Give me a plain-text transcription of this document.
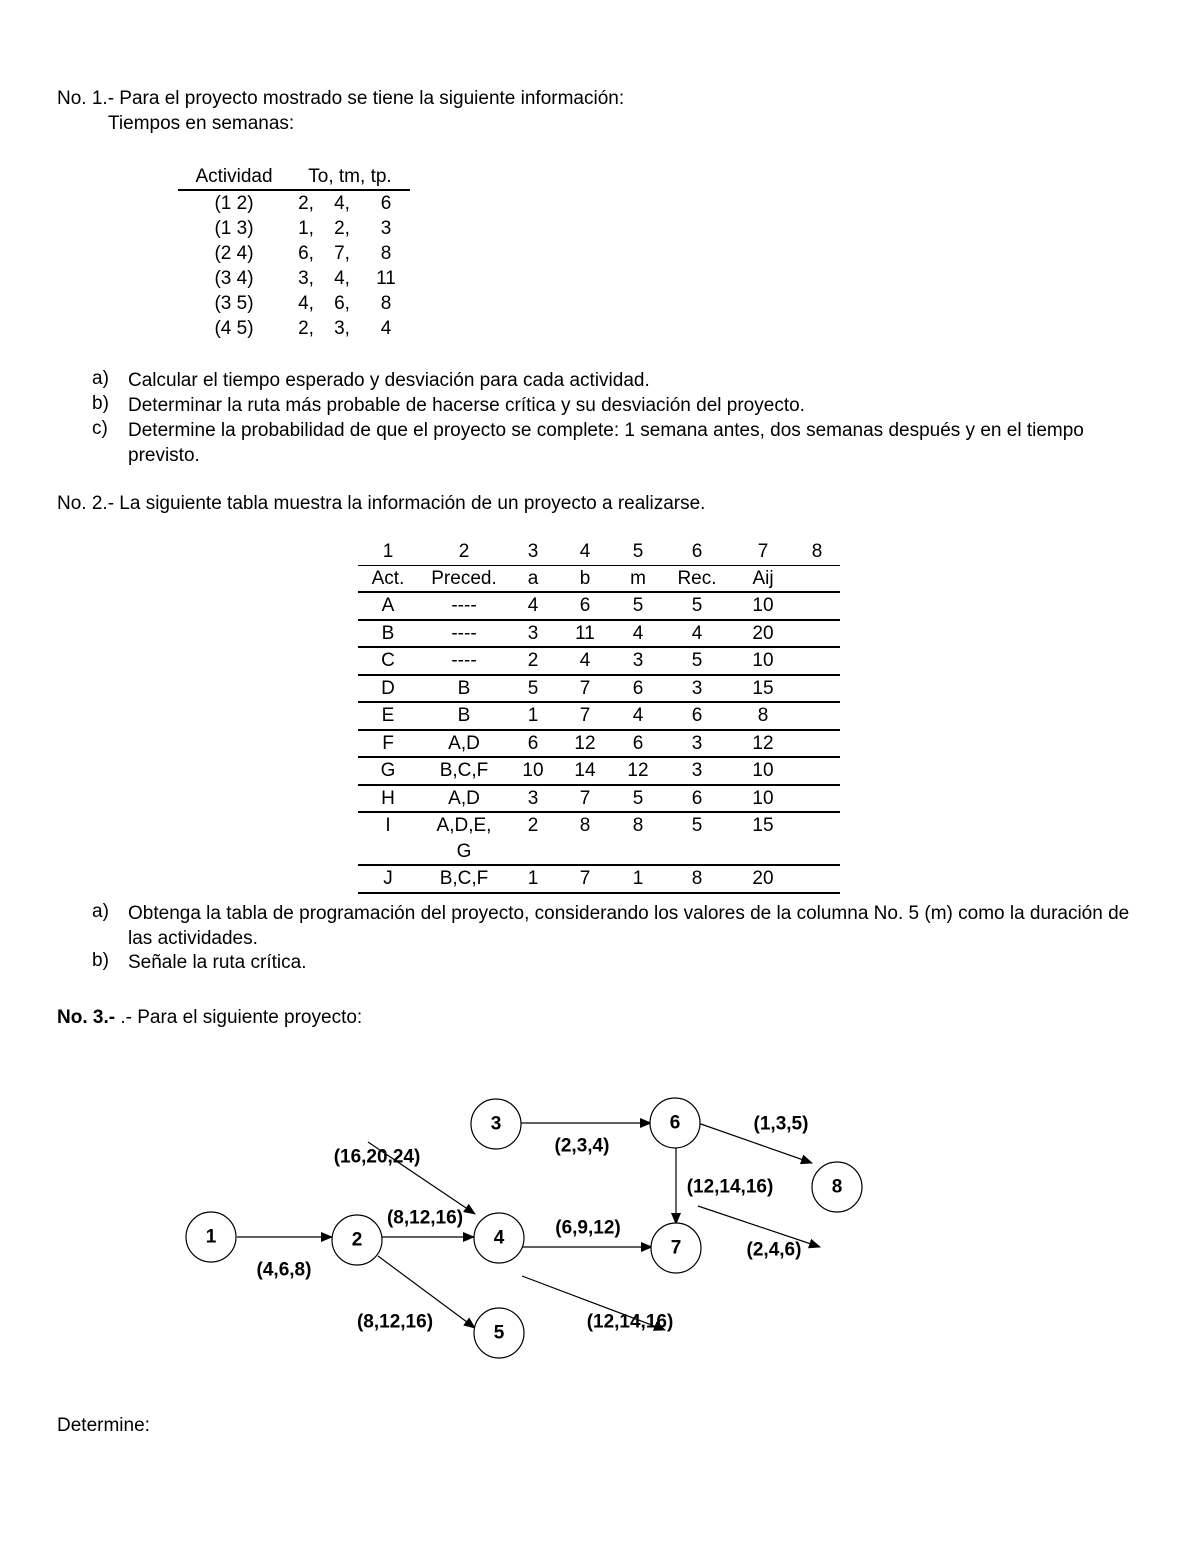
No. 1.- Para el proyecto mostrado se tiene la siguiente información:
Tiempos en semanas:
Actividad	To, tm, tp.		
(1 2)	2,	4,	6
(1 3)	1,	2,	3
(2 4)	6,	7,	8
(3 4)	3,	4,	11
(3 5)	4,	6,	8
(4 5)	2,	3,	4
a) Calcular el tiempo esperado y desviación para cada actividad.
b) Determinar la ruta más probable de hacerse crítica y su desviación del proyecto.
c) Determine la probabilidad de que el proyecto se complete: 1 semana antes, dos semanas después y en el tiempo previsto.
No. 2.- La siguiente tabla muestra la información de un proyecto a realizarse.
1	2	3	4	5	6	7	8
Act.	Preced.	a	b	m	Rec.	Aij	
A	----	4	6	5	5	10	
B	----	3	11	4	4	20	
C	----	2	4	3	5	10	
D	B	5	7	6	3	15	
E	B	1	7	4	6	8	
F	A,D	6	12	6	3	12	
G	B,C,F	10	14	12	3	10	
H	A,D	3	7	5	6	10	
I	A,D,E,	2	8	8	5	15	
	G						
J	B,C,F	1	7	1	8	20	
a) Obtenga la tabla de programación del proyecto, considerando los valores de la columna No. 5 (m) como la duración de las actividades.
b) Señale la ruta crítica.
No. 3.- .- Para el siguiente proyecto:
1	2
3
4
5
6
7
8
(4,6,8)
(16,20,24)
(8,12,16)
(8,12,16)
(2,3,4)
(6,9,12)
(12,14,16)
(1,3,5)
(12,14,16)
(2,4,6)
Determine:
